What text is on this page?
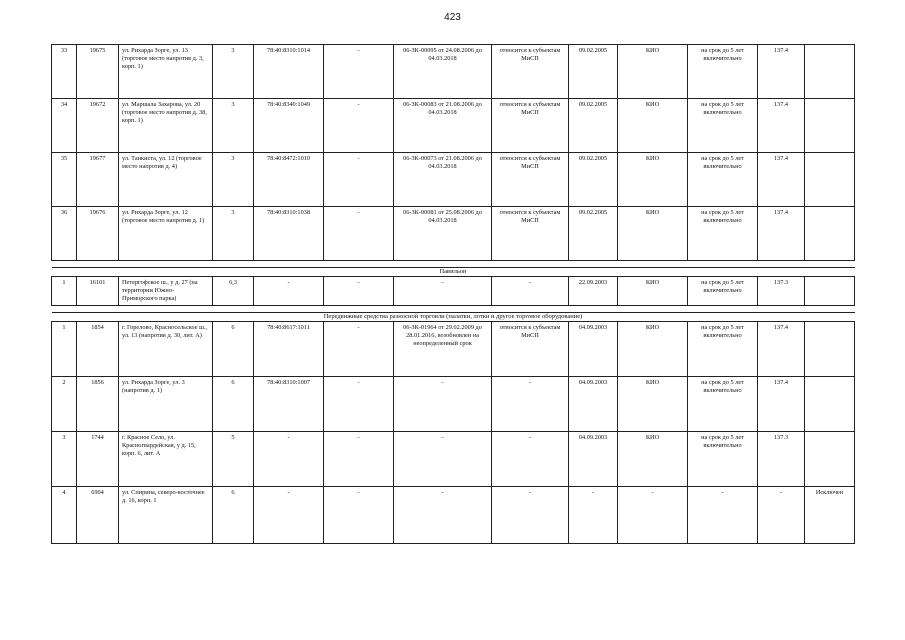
423
33	19675	ул. Рихарда Зорге, ул. 13 (торговое место напротив д. 3, корп. 1)	3	78:40:8310:1014	-	06-ЗК-00095 от 24.08.2006 до 04.03.2018	относится к субъектам МиСП	09.02.2005	КИО	на срок до 5 лет включительно	137.4	
34	19672	ул. Маршала Захарова, ул. 20 (торговое место напротив д. 38, корп. 1)	3	78:40:8340:1049	-	06-ЗК-00083 от 21.08.2006 до 04.03.2018	относится к субъектам МиСП	09.02.2005	КИО	на срок до 5 лет включительно	137.4	
35	19677	ул. Танкиста, ул. 12 (торговое место напротив д. 4)	3	78:40:8472:1010	-	06-ЗК-00073 от 21.08.2006 до 04.03.2018	относится к субъектам МиСП	09.02.2005	КИО	на срок до 5 лет включительно	137.4	
36	19676	ул. Рихарда Зорге, ул. 12 (торговое место напротив д. 1)	3	78:40:8310:1038	-	06-ЗК-00081 от 25.08.2006 до 04.03.2018	относится к субъектам МиСП	09.02.2005	КИО	на срок до 5 лет включительно	137.4	

Павильон												
1	16101	Петергофское ш., у д. 27 (на территории Южно-Приморского парка)	6,3	-	-	-	-	22.09.2003	КИО	на срок до 5 лет включительно	137.3	

Передвижные средства разносной торговли (палатки, лотки и другое торговое оборудование)												
1	1854	г. Горелово, Красносельское ш., ул. 13 (напротив д. 30, лит. А)	6	78:40:8617:1011	-	06-ЗК-01964 от 29.02.2009 до 28.01.2016, возобновлен на неопределенный срок	относится к субъектам МиСП	04.09.2003	КИО	на срок до 5 лет включительно	137.4	
2	1856	ул. Рихарда Зорге, ул. 3 (напротив д. 1)	6	78:40:8310:1007	-	-	-	04.09.2003	КИО	на срок до 5 лет включительно	137.4	
3	1744	г. Красное Село, ул. Красногвардейская, у д. 15, корп. 6, лит. А	5	-	-	-	-	04.09.2003	КИО	на срок до 5 лет включительно	137.3	
4	6904	ул. Спирина, северо-восточнее д. 16, корп. 1	6	-	-	-	-	-	-	-	-	Исключен
